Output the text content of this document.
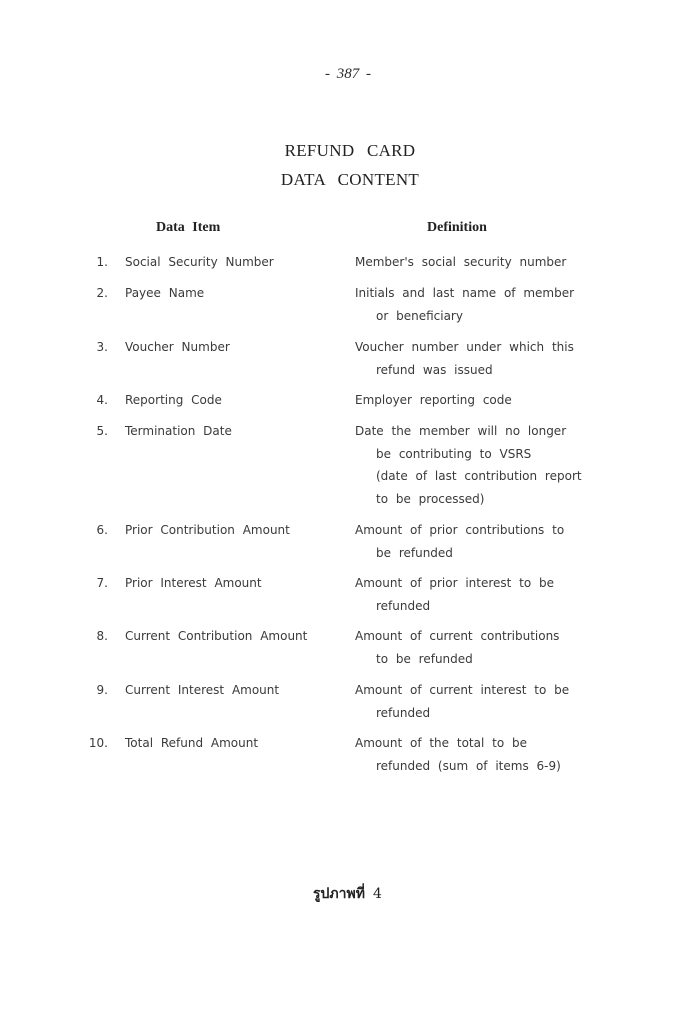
- 387 -
REFUND CARD
DATA CONTENT
Data Item	Definition
1. Social Security Number	Member's social security number
2. Payee Name	Initials and last name of member
or beneficiary
3. Voucher Number	Voucher number under which this
refund was issued
4. Reporting Code	Employer reporting code
5. Termination Date	Date the member will no longer
be contributing to VSRS
(date of last contribution report
to be processed)
6. Prior Contribution Amount	Amount of prior contributions to
be refunded
7. Prior Interest Amount	Amount of prior interest to be
refunded
8. Current Contribution Amount	Amount of current contributions
to be refunded
9. Current Interest Amount	Amount of current interest to be
refunded
10. Total Refund Amount	Amount of the total to be
refunded (sum of items 6-9)
รูปภาพที่ 4
